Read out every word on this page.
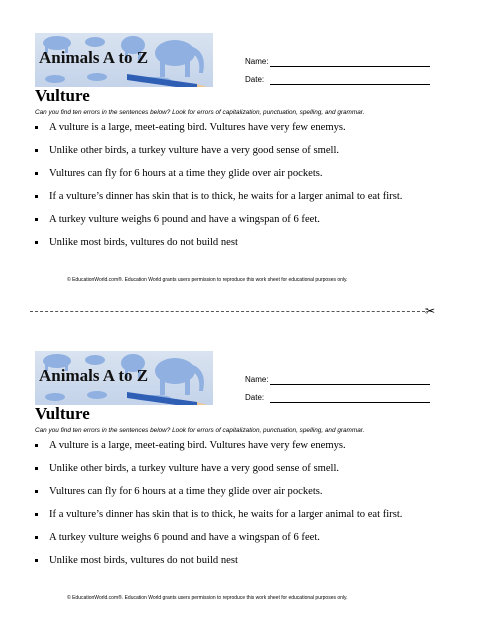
Animals A to Z	Name:
Date:
Vulture
Can you find ten errors in the sentences below? Look for errors of capitalization, punctuation, spelling, and grammar.
A vulture is a large, meet-eating bird. Vultures have very few enemys.
Unlike other birds, a turkey vulture have a very good sense of smell.
Vultures can fly for 6 hours at a time they glide over air pockets.
If a vulture’s dinner has skin that is to thick, he waits for a larger animal to eat first.
A turkey vulture weighs 6 pound and have a wingspan of 6 feet.
Unlike most birds, vultures do not build nest
© EducationWorld.com®. Education World grants users permission to reproduce this work sheet for educational purposes only.
✂
Animals A to Z	Name:
Date:
Vulture
Can you find ten errors in the sentences below? Look for errors of capitalization, punctuation, spelling, and grammar.
A vulture is a large, meet-eating bird. Vultures have very few enemys.
Unlike other birds, a turkey vulture have a very good sense of smell.
Vultures can fly for 6 hours at a time they glide over air pockets.
If a vulture’s dinner has skin that is to thick, he waits for a larger animal to eat first.
A turkey vulture weighs 6 pound and have a wingspan of 6 feet.
Unlike most birds, vultures do not build nest
© EducationWorld.com®. Education World grants users permission to reproduce this work sheet for educational purposes only.
